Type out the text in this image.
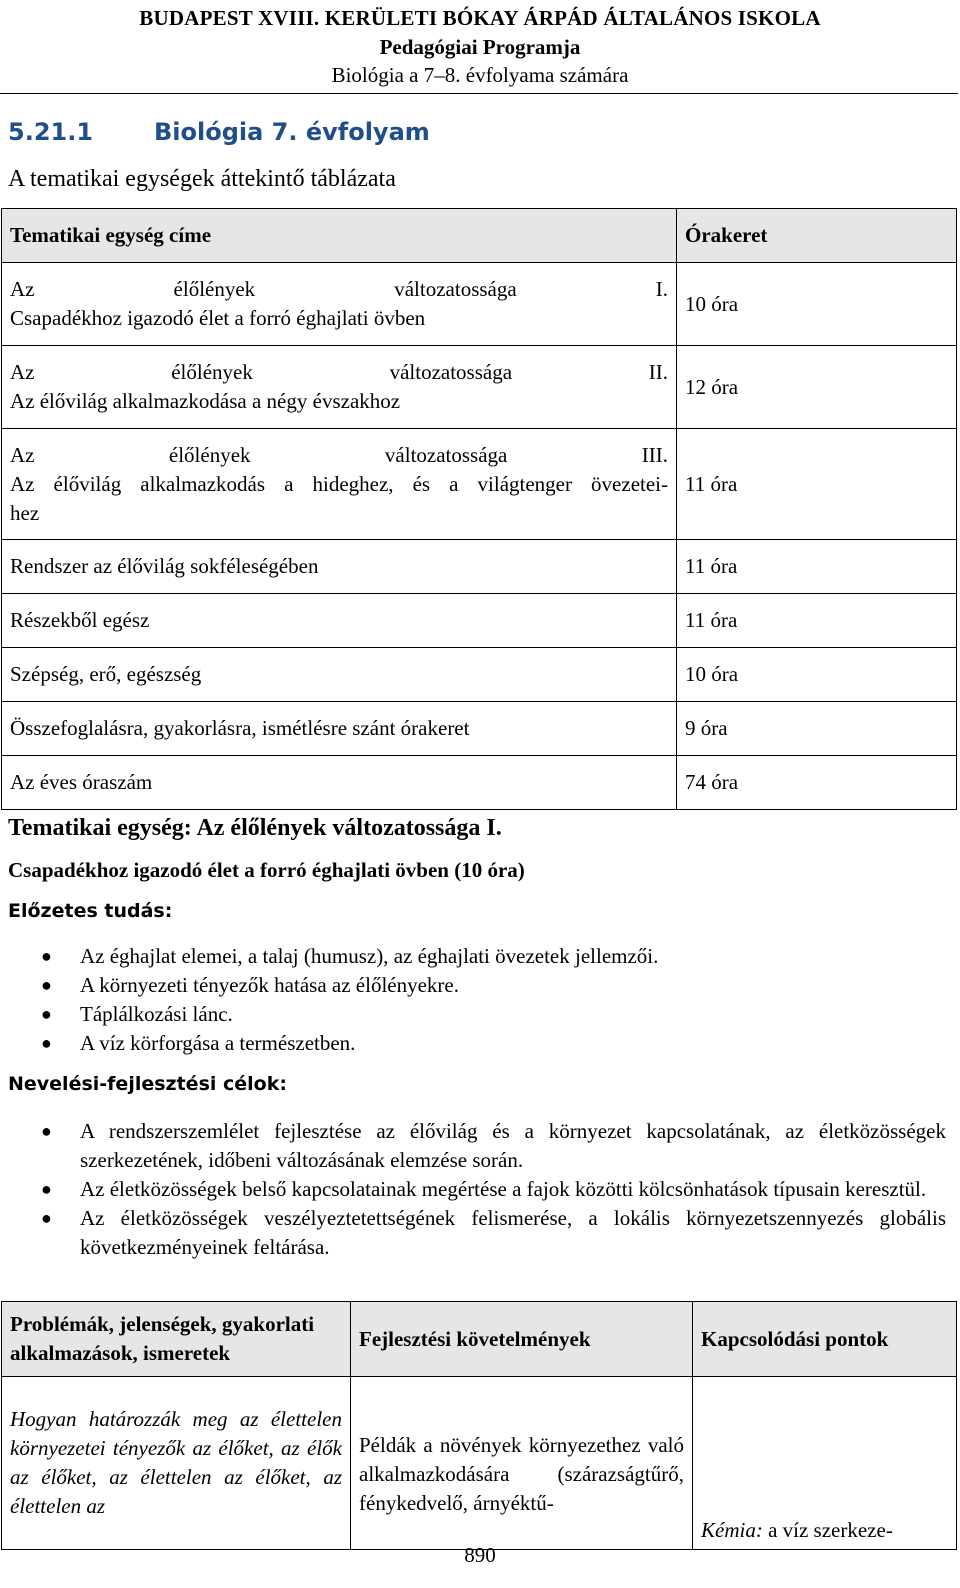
BUDAPEST XVIII. KERÜLETI BÓKAY ÁRPÁD ÁLTALÁNOS ISKOLA
Pedagógiai Programja
Biológia a 7–8. évfolyama számára
5.21.1	Biológia 7. évfolyam
A tematikai egységek áttekintő táblázata
Tematikai egység címe	Órakeret

Az élőlények változatossága I.
Csapadékhoz igazodó élet a forró éghajlati övben	10 óra

Az élőlények változatossága II.
Az élővilág alkalmazkodása a négy évszakhoz	12 óra

Az élőlények változatossága III.
Az élővilág alkalmazkodás a hideghez, és a világtenger övezetei-
hez	11 óra
Rendszer az élővilág sokféleségében	11 óra
Részekből egész	11 óra
Szépség, erő, egészség	10 óra
Összefoglalásra, gyakorlásra, ismétlésre szánt órakeret	9 óra
Az éves óraszám	74 óra
Tematikai egység: Az élőlények változatossága I.
Csapadékhoz igazodó élet a forró éghajlati övben (10 óra)
Előzetes tudás:
● Az éghajlat elemei, a talaj (humusz), az éghajlati övezetek jellemzői.
● A környezeti tényezők hatása az élőlényekre.
● Táplálkozási lánc.
● A víz körforgása a természetben.
Nevelési-fejlesztési célok:
● A rendszerszemlélet fejlesztése az élővilág és a környezet kapcsolatának, az életközösségek szerkezetének, időbeni változásának elemzése során.
● Az életközösségek belső kapcsolatainak megértése a fajok közötti kölcsönhatások típusain keresztül.
● Az életközösségek veszélyeztetettségének felismerése, a lokális környezetszennyezés globális következményeinek feltárása.
Problémák, jelenségek, gyakorlati alkalmazások, ismeretek	Fejlesztési követelmények	Kapcsolódási pontok
Hogyan határozzák meg az élettelen környezetei tényezők az élőket, az élők az élőket, az élettelen az élőket, az élettelen az	Példák a növények környezethez való alkalmazkodására (szárazságtűrő, fénykedvelő, árnyéktű-	Kémia: a víz szerkeze-
890
